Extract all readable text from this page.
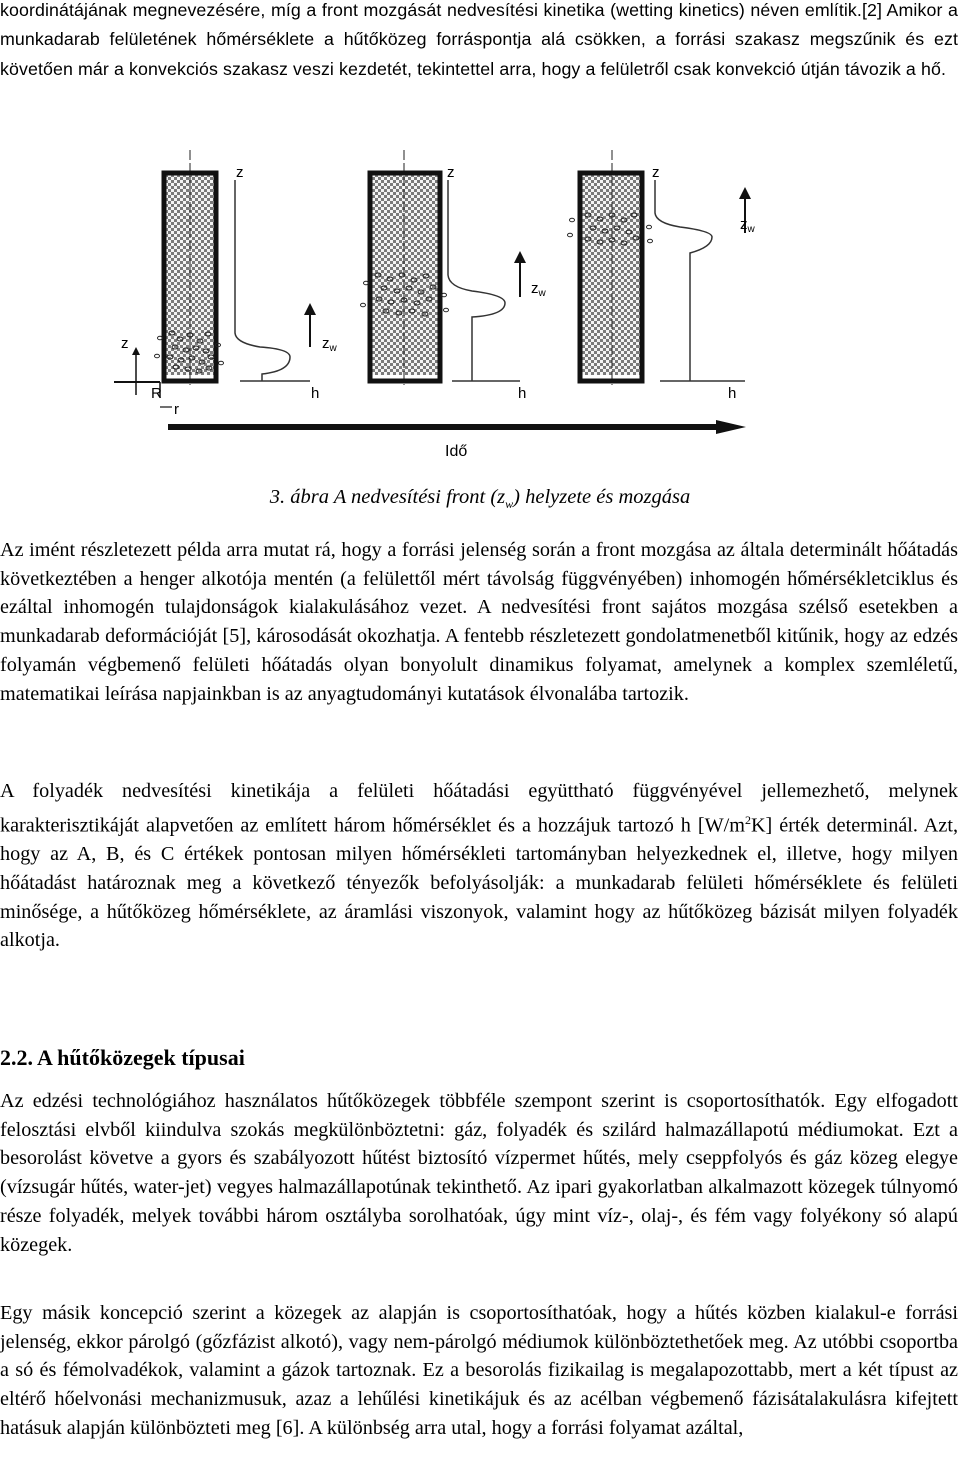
koordinátájának megnevezésére, míg a front mozgását nedvesítési kinetika (wetting kinetics) néven említik.[2] Amikor a munkadarab felületének hőmérséklete a hűtőközeg forráspontja alá csökken, a forrási szakasz megszűnik és ezt követően már a konvekciós szakasz veszi kezdetét, tekintettel arra, hogy a felületről csak konvekció útján távozik a hő.

z
$z_w$
h
z
$z_w$
h
z
$z_w$
h
z
R
r
Idő
3. ábra A nedvesítési front $(z_w)$ helyzete és mozgása

Az imént részletezett példa arra mutat rá, hogy a forrási jelenség során a front mozgása az általa determinált hőátadás következtében a henger alkotója mentén (a felülettől mért távolság függvényében) inhomogén hőmérsékletciklus és ezáltal inhomogén tulajdonságok kialakulásához vezet. A nedvesítési front sajátos mozgása szélső esetekben a munkadarab deformációját [5], károsodását okozhatja. A fentebb részletezett gondolatmenetből kitűnik, hogy az edzés folyamán végbemenő felületi hőátadás olyan bonyolult dinamikus folyamat, amelynek a komplex szemléletű, matematikai leírása napjainkban is az anyagtudományi kutatások élvonalába tartozik.

A folyadék nedvesítési kinetikája a felületi hőátadási együttható függvényével jellemezhető, melynek karakterisztikáját alapvetően az említett három hőmérséklet és a hozzájuk tartozó h $[W/m^2K]$ érték determinál. Azt, hogy az A, B, és C értékek pontosan milyen hőmérsékleti tartományban helyezkednek el, illetve, hogy milyen hőátadást határoznak meg a következő tényezők befolyásolják: a munkadarab felületi hőmérséklete és felületi minősége, a hűtőközeg hőmérséklete, az áramlási viszonyok, valamint hogy az hűtőközeg bázisát milyen folyadék alkotja.

2.2. A hűtőközegek típusai

Az edzési technológiához használatos hűtőközegek többféle szempont szerint is csoportosíthatók. Egy elfogadott felosztási elvből kiindulva szokás megkülönböztetni: gáz, folyadék és szilárd halmazállapotú médiumokat. Ezt a besorolást követve a gyors és szabályozott hűtést biztosító vízpermet hűtés, mely cseppfolyós és gáz közeg elegye (vízsugár hűtés, water-jet) vegyes halmazállapotúnak tekinthető. Az ipari gyakorlatban alkalmazott közegek túlnyomó része folyadék, melyek további három osztályba sorolhatóak, úgy mint víz-, olaj-, és fém vagy folyékony só alapú közegek.

Egy másik koncepció szerint a közegek az alapján is csoportosíthatóak, hogy a hűtés közben kialakul-e forrási jelenség, ekkor párolgó (gőzfázist alkotó), vagy nem-párolgó médiumok különböztethetőek meg. Az utóbbi csoportba a só és fémolvadékok, valamint a gázok tartoznak. Ez a besorolás fizikailag is megalapozottabb, mert a két típust az eltérő hőelvonási mechanizmusuk, azaz a lehűlési kinetikájuk és az acélban végbemenő fázisátalakulásra kifejtett hatásuk alapján különbözteti meg [6]. A különbség arra utal, hogy a forrási folyamat azáltal,
